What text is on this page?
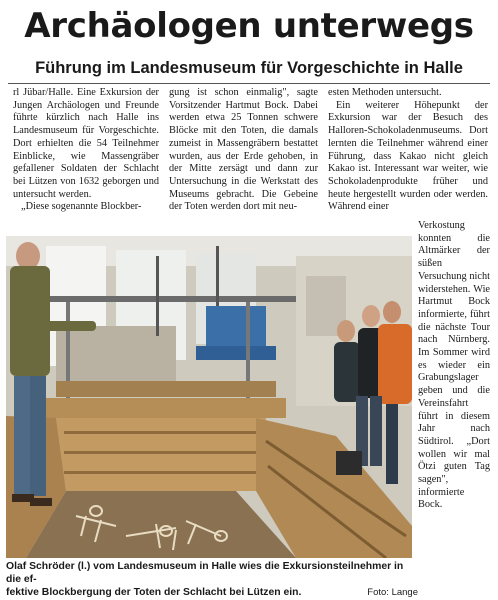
Archäologen unterwegs
Führung im Landesmuseum für Vorgeschichte in Halle

rl Jübar/Halle. Eine Exkursion der Jungen Archäologen und Freunde führte kürzlich nach Halle ins Landesmuseum für Vorgeschichte. Dort erhielten die 54 Teilnehmer Einblicke, wie Massengräber gefallener Soldaten der Schlacht bei Lützen von 1632 geborgen und untersucht werden.

„Diese sogenannte Blockber-

gung ist schon einmalig", sagte Vorsitzender Hartmut Bock. Dabei werden etwa 25 Tonnen schwere Blöcke mit den Toten, die damals zumeist in Massengräbern bestattet wurden, aus der Erde gehoben, in der Mitte zersägt und dann zur Untersuchung in die Werkstatt des Museums gebracht. Die Gebeine der Toten werden dort mit neu-

esten Methoden untersucht.

Ein weiterer Höhepunkt der Exkursion war der Besuch des Halloren-Schokoladenmuseums. Dort lernten die Teilnehmer während einer Führung, dass Kakao nicht gleich Kakao ist. Interessant war weiter, wie Schokoladenprodukte früher und heute hergestellt wurden oder werden. Während einer

Verkostung konnten die Altmärker der süßen Versuchung nicht widerstehen. Wie Hartmut Bock informierte, führt die nächste Tour nach Nürnberg. Im Sommer wird es wieder ein Grabungslager geben und die Vereinsfahrt führt in diesem Jahr nach Südtirol. „Dort wollen wir mal Ötzi guten Tag sagen", informierte Bock.

Olaf Schröder (l.) vom Landesmuseum in Halle wies die Exkursionsteilnehmer in die ef-
fektive Blockbergung der Toten der Schlacht bei Lützen ein.	Foto: Lange
